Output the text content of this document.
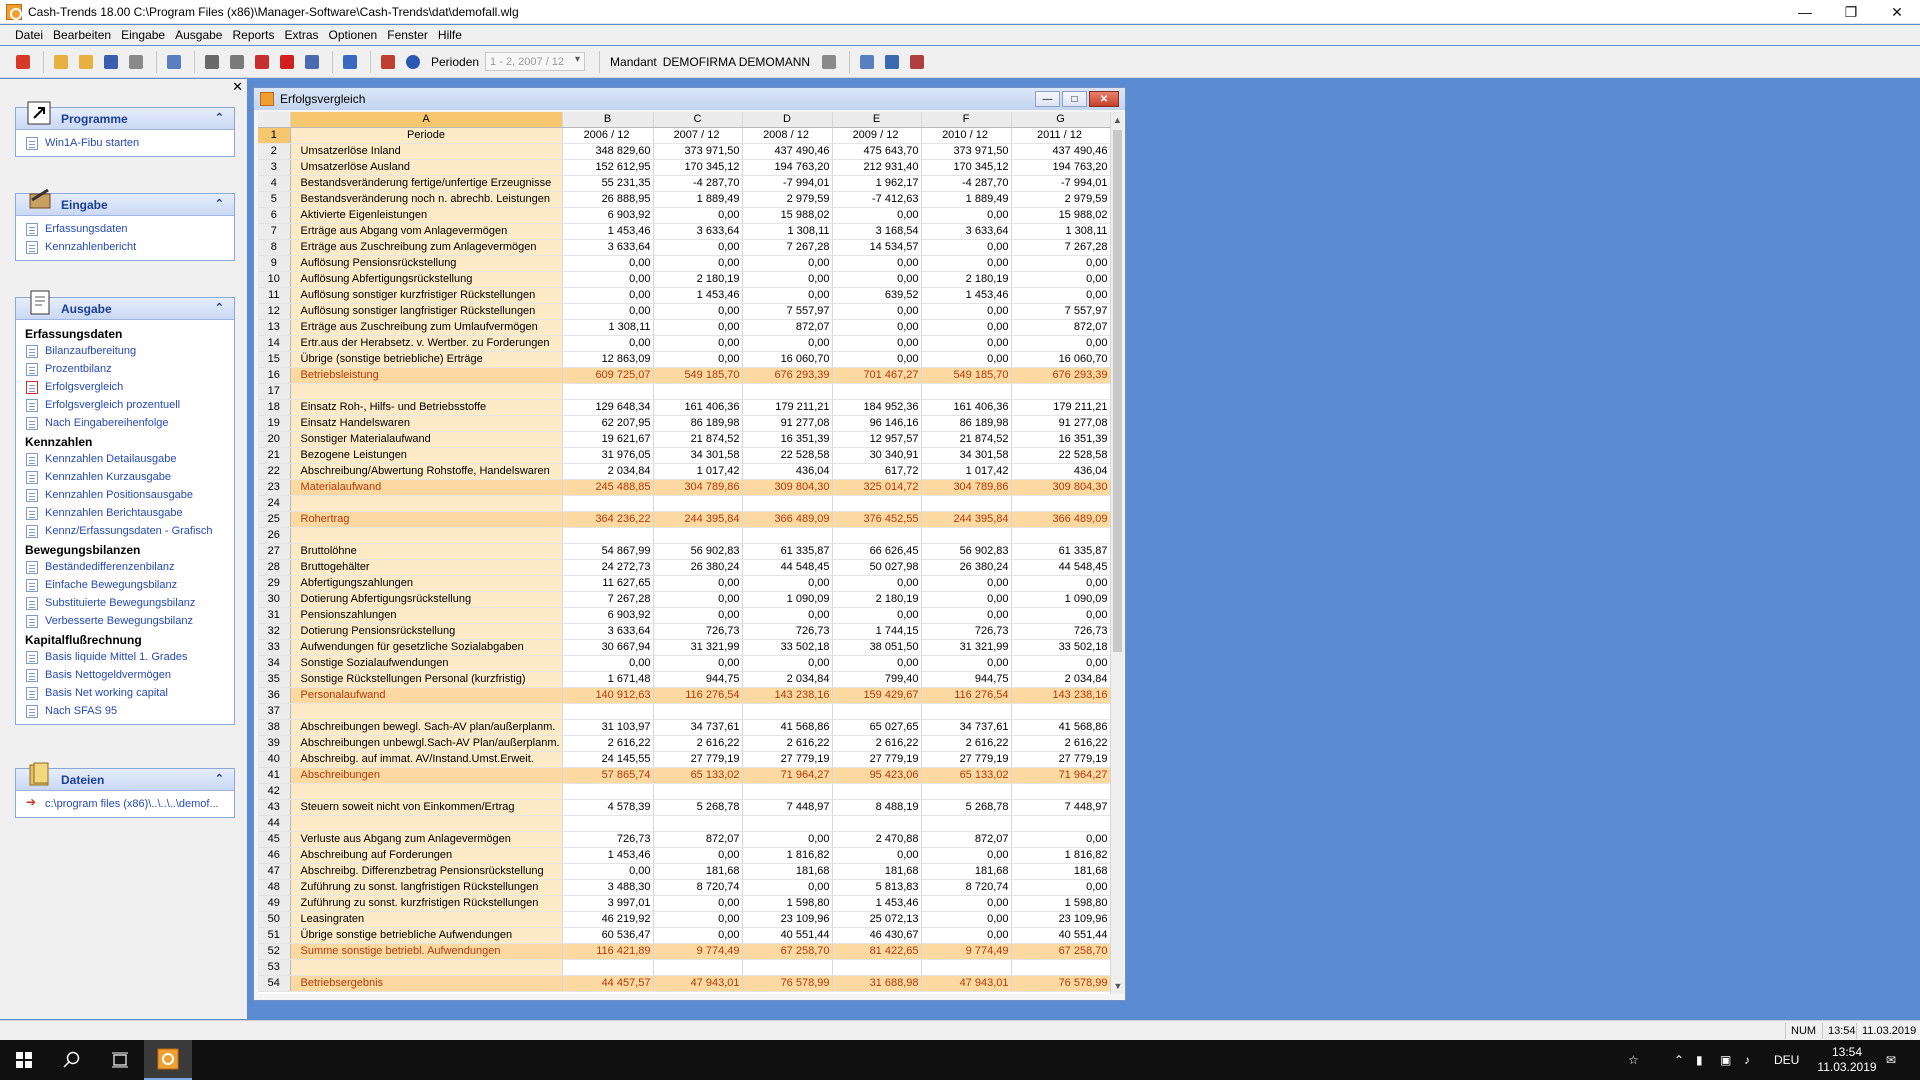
Cash-Trends 18.00 C:\Program Files (x86)\Manager-Software\Cash-Trends\dat\demofall.wlg	—	❐	✕
Datei Bearbeiten Eingabe Ausgabe Reports Extras Optionen Fenster Hilfe
Perioden	1 - 2, 2007 / 12 ▾	Mandant DEMOFIRMA DEMOMANN
✕
Programme	⌃
Win1A-Fibu starten
Eingabe	⌃
Erfassungsdaten
Kennzahlenbericht
Ausgabe	⌃
Erfassungsdaten
Bilanzaufbereitung
Prozentbilanz
Erfolgsvergleich
Erfolgsvergleich prozentuell
Nach Eingabereihenfolge
Kennzahlen
Kennzahlen Detailausgabe
Kennzahlen Kurzausgabe
Kennzahlen Positionsausgabe
Kennzahlen Berichtausgabe
Kennz/Erfassungsdaten - Grafisch
Bewegungsbilanzen
Beständedifferenzenbilanz
Einfache Bewegungsbilanz
Substituierte Bewegungsbilanz
Verbesserte Bewegungsbilanz
Kapitalflußrechnung
Basis liquide Mittel 1. Grades
Basis Nettogeldvermögen
Basis Net working capital
Nach SFAS 95
Dateien	⌃
➔
c:\program files (x86)\..\..\..\demof...
Erfolgsvergleich	—	□	✕
	A	B	C	D	E	F	G
1	Periode	2006 / 12	2007 / 12	2008 / 12	2009 / 12	2010 / 12	2011 / 12
2	Umsatzerlöse Inland	348 829,60	373 971,50	437 490,46	475 643,70	373 971,50	437 490,46
3	Umsatzerlöse Ausland	152 612,95	170 345,12	194 763,20	212 931,40	170 345,12	194 763,20
4	Bestandsveränderung fertige/unfertige Erzeugnisse	55 231,35	-4 287,70	-7 994,01	1 962,17	-4 287,70	-7 994,01
5	Bestandsveränderung noch n. abrechb. Leistungen	26 888,95	1 889,49	2 979,59	-7 412,63	1 889,49	2 979,59
6	Aktivierte Eigenleistungen	6 903,92	0,00	15 988,02	0,00	0,00	15 988,02
7	Erträge aus Abgang vom Anlagevermögen	1 453,46	3 633,64	1 308,11	3 168,54	3 633,64	1 308,11
8	Erträge aus Zuschreibung zum Anlagevermögen	3 633,64	0,00	7 267,28	14 534,57	0,00	7 267,28
9	Auflösung Pensionsrückstellung	0,00	0,00	0,00	0,00	0,00	0,00
10	Auflösung Abfertigungsrückstellung	0,00	2 180,19	0,00	0,00	2 180,19	0,00
11	Auflösung sonstiger kurzfristiger Rückstellungen	0,00	1 453,46	0,00	639,52	1 453,46	0,00
12	Auflösung sonstiger langfristiger Rückstellungen	0,00	0,00	7 557,97	0,00	0,00	7 557,97
13	Erträge aus Zuschreibung zum Umlaufvermögen	1 308,11	0,00	872,07	0,00	0,00	872,07
14	Ertr.aus der Herabsetz. v. Wertber. zu Forderungen	0,00	0,00	0,00	0,00	0,00	0,00
15	Übrige (sonstige betriebliche) Erträge	12 863,09	0,00	16 060,70	0,00	0,00	16 060,70
16	Betriebsleistung	609 725,07	549 185,70	676 293,39	701 467,27	549 185,70	676 293,39
17							
18	Einsatz Roh-, Hilfs- und Betriebsstoffe	129 648,34	161 406,36	179 211,21	184 952,36	161 406,36	179 211,21
19	Einsatz Handelswaren	62 207,95	86 189,98	91 277,08	96 146,16	86 189,98	91 277,08
20	Sonstiger Materialaufwand	19 621,67	21 874,52	16 351,39	12 957,57	21 874,52	16 351,39
21	Bezogene Leistungen	31 976,05	34 301,58	22 528,58	30 340,91	34 301,58	22 528,58
22	Abschreibung/Abwertung Rohstoffe, Handelswaren	2 034,84	1 017,42	436,04	617,72	1 017,42	436,04
23	Materialaufwand	245 488,85	304 789,86	309 804,30	325 014,72	304 789,86	309 804,30
24							
25	Rohertrag	364 236,22	244 395,84	366 489,09	376 452,55	244 395,84	366 489,09
26							
27	Bruttolöhne	54 867,99	56 902,83	61 335,87	66 626,45	56 902,83	61 335,87
28	Bruttogehälter	24 272,73	26 380,24	44 548,45	50 027,98	26 380,24	44 548,45
29	Abfertigungszahlungen	11 627,65	0,00	0,00	0,00	0,00	0,00
30	Dotierung Abfertigungsrückstellung	7 267,28	0,00	1 090,09	2 180,19	0,00	1 090,09
31	Pensionszahlungen	6 903,92	0,00	0,00	0,00	0,00	0,00
32	Dotierung Pensionsrückstellung	3 633,64	726,73	726,73	1 744,15	726,73	726,73
33	Aufwendungen für gesetzliche Sozialabgaben	30 667,94	31 321,99	33 502,18	38 051,50	31 321,99	33 502,18
34	Sonstige Sozialaufwendungen	0,00	0,00	0,00	0,00	0,00	0,00
35	Sonstige Rückstellungen Personal (kurzfristig)	1 671,48	944,75	2 034,84	799,40	944,75	2 034,84
36	Personalaufwand	140 912,63	116 276,54	143 238,16	159 429,67	116 276,54	143 238,16
37							
38	Abschreibungen bewegl. Sach-AV plan/außerplanm.	31 103,97	34 737,61	41 568,86	65 027,65	34 737,61	41 568,86
39	Abschreibungen unbewgl.Sach-AV Plan/außerplanm.	2 616,22	2 616,22	2 616,22	2 616,22	2 616,22	2 616,22
40	Abschreibg. auf immat. AV/Instand.Umst.Erweit.	24 145,55	27 779,19	27 779,19	27 779,19	27 779,19	27 779,19
41	Abschreibungen	57 865,74	65 133,02	71 964,27	95 423,06	65 133,02	71 964,27
42							
43	Steuern soweit nicht von Einkommen/Ertrag	4 578,39	5 268,78	7 448,97	8 488,19	5 268,78	7 448,97
44							
45	Verluste aus Abgang zum Anlagevermögen	726,73	872,07	0,00	2 470,88	872,07	0,00
46	Abschreibung auf Forderungen	1 453,46	0,00	1 816,82	0,00	0,00	1 816,82
47	Abschreibg. Differenzbetrag Pensionsrückstellung	0,00	181,68	181,68	181,68	181,68	181,68
48	Zuführung zu sonst. langfristigen Rückstellungen	3 488,30	8 720,74	0,00	5 813,83	8 720,74	0,00
49	Zuführung zu sonst. kurzfristigen Rückstellungen	3 997,01	0,00	1 598,80	1 453,46	0,00	1 598,80
50	Leasingraten	46 219,92	0,00	23 109,96	25 072,13	0,00	23 109,96
51	Übrige sonstige betriebliche Aufwendungen	60 536,47	0,00	40 551,44	46 430,67	0,00	40 551,44
52	Summe sonstige betriebl. Aufwendungen	116 421,89	9 774,49	67 258,70	81 422,65	9 774,49	67 258,70
53							
54	Betriebsergebnis	44 457,57	47 943,01	76 578,99	31 688,98	47 943,01	76 578,99
▲
▼
NUM	13:54 11.03.2019
☆	⌃ ▮ ▣ ♪ DEU
13:54
11.03.2019 ✉
